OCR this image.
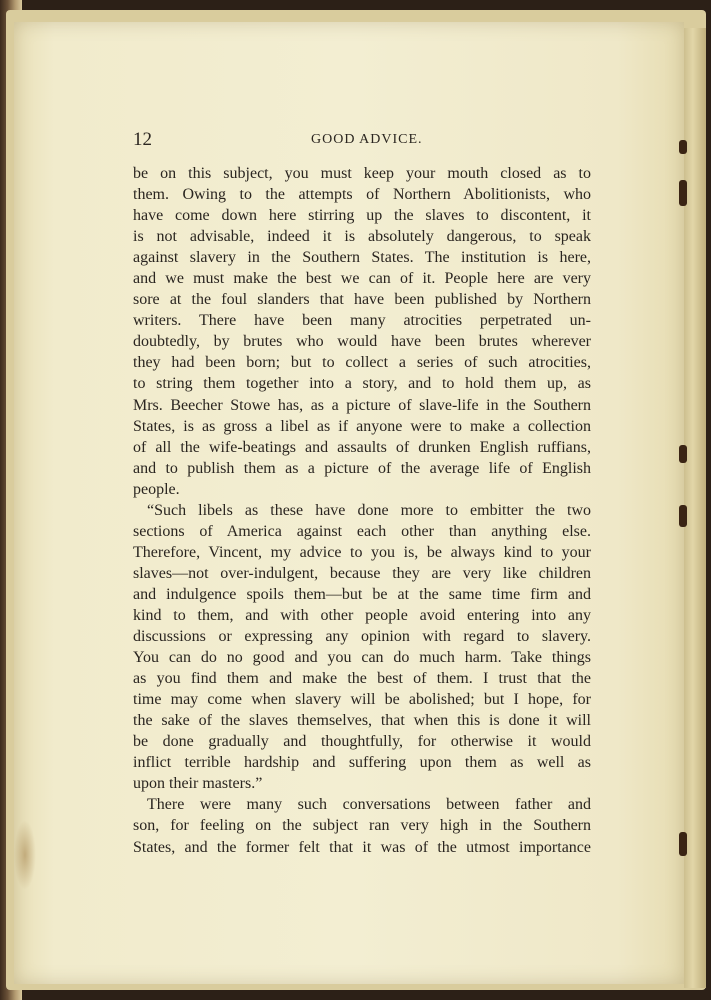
12	GOOD ADVICE.
be on this subject, you must keep your mouth closed as to
them. Owing to the attempts of Northern Abolitionists, who
have come down here stirring up the slaves to discontent, it
is not advisable, indeed it is absolutely dangerous, to speak
against slavery in the Southern States. The institution is here,
and we must make the best we can of it. People here are very
sore at the foul slanders that have been published by Northern
writers. There have been many atrocities perpetrated un-
doubtedly, by brutes who would have been brutes wherever
they had been born; but to collect a series of such atrocities,
to string them together into a story, and to hold them up, as
Mrs. Beecher Stowe has, as a picture of slave-life in the Southern
States, is as gross a libel as if anyone were to make a collection
of all the wife-beatings and assaults of drunken English ruffians,
and to publish them as a picture of the average life of English
people.
“Such libels as these have done more to embitter the two
sections of America against each other than anything else.
Therefore, Vincent, my advice to you is, be always kind to your
slaves—not over-indulgent, because they are very like children
and indulgence spoils them—but be at the same time firm and
kind to them, and with other people avoid entering into any
discussions or expressing any opinion with regard to slavery.
You can do no good and you can do much harm. Take things
as you find them and make the best of them. I trust that the
time may come when slavery will be abolished; but I hope, for
the sake of the slaves themselves, that when this is done it will
be done gradually and thoughtfully, for otherwise it would
inflict terrible hardship and suffering upon them as well as
upon their masters.”
There were many such conversations between father and
son, for feeling on the subject ran very high in the Southern
States, and the former felt that it was of the utmost importance
